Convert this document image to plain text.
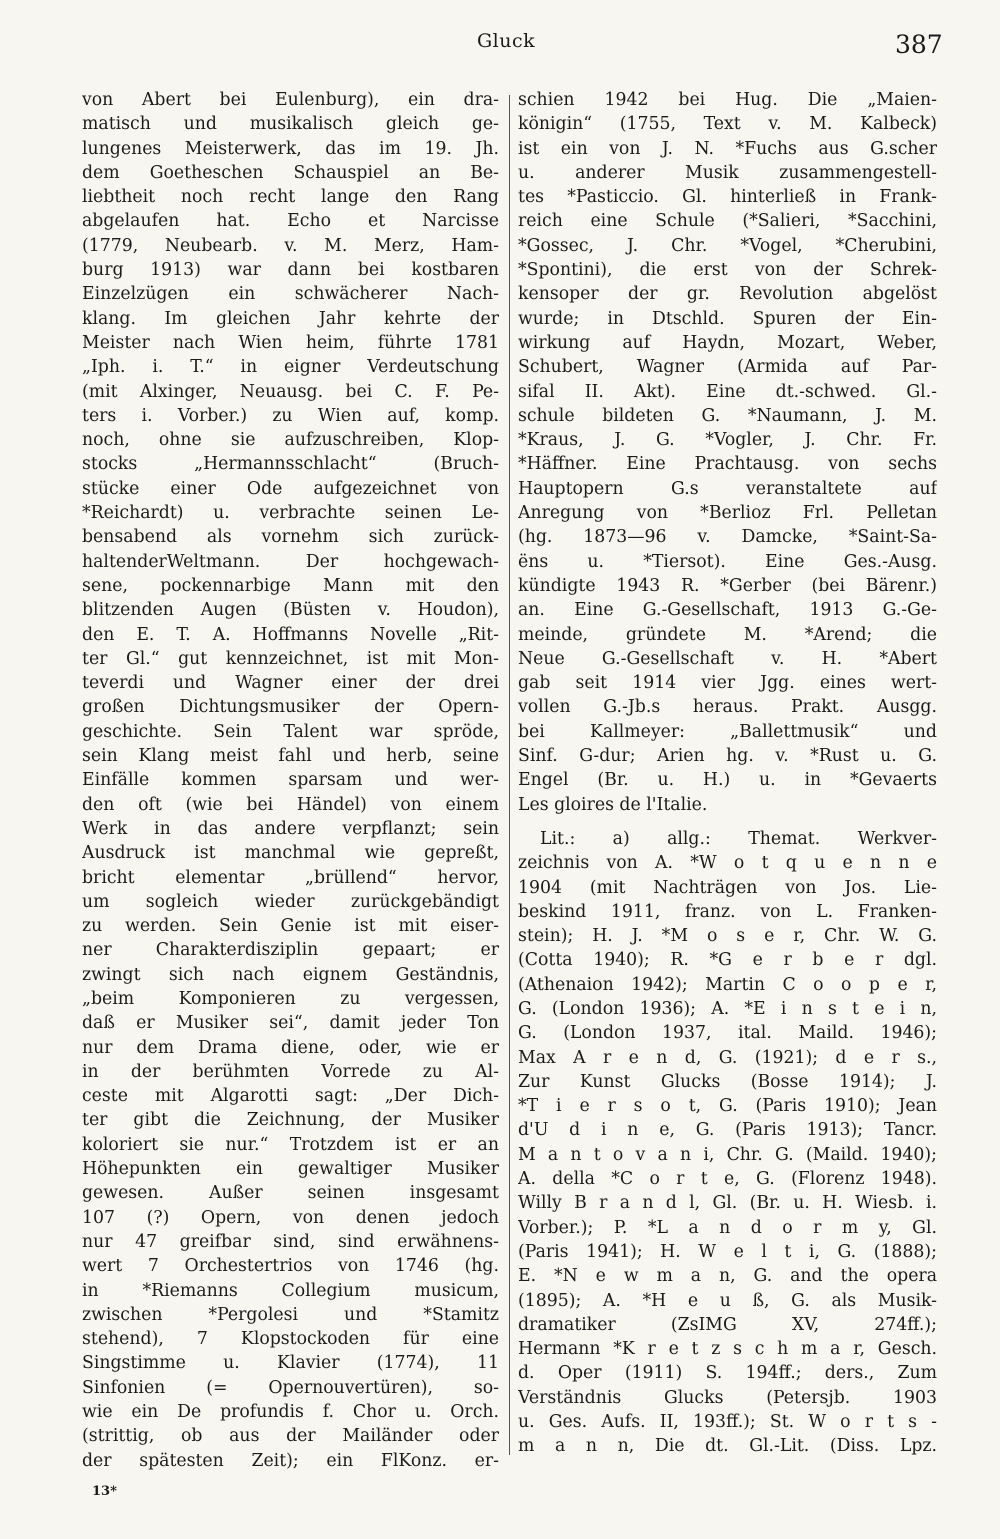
Gluck	387
von Abert bei Eulenburg), ein dra-
matisch und musikalisch gleich ge-
lungenes Meisterwerk, das im 19. Jh.
dem Goetheschen Schauspiel an Be-
liebtheit noch recht lange den Rang
abgelaufen hat. Echo et Narcisse
(1779, Neubearb. v. M. Merz, Ham-
burg 1913) war dann bei kostbaren
Einzelzügen ein schwächerer Nach-
klang. Im gleichen Jahr kehrte der
Meister nach Wien heim, führte 1781
„Iph. i. T.“ in eigner Verdeutschung
(mit Alxinger, Neuausg. bei C. F. Pe-
ters i. Vorber.) zu Wien auf, komp.
noch, ohne sie aufzuschreiben, Klop-
stocks „Hermannsschlacht“ (Bruch-
stücke einer Ode aufgezeichnet von
*Reichardt) u. verbrachte seinen Le-
bensabend als vornehm sich zurück-
haltenderWeltmann. Der hochgewach-
sene, pockennarbige Mann mit den
blitzenden Augen (Büsten v. Houdon),
den E. T. A. Hoffmanns Novelle „Rit-
ter Gl.“ gut kennzeichnet, ist mit Mon-
teverdi und Wagner einer der drei
großen Dichtungsmusiker der Opern-
geschichte. Sein Talent war spröde,
sein Klang meist fahl und herb, seine
Einfälle kommen sparsam und wer-
den oft (wie bei Händel) von einem
Werk in das andere verpflanzt; sein
Ausdruck ist manchmal wie gepreßt,
bricht elementar „brüllend“ hervor,
um sogleich wieder zurückgebändigt
zu werden. Sein Genie ist mit eiser-
ner Charakterdisziplin gepaart; er
zwingt sich nach eignem Geständnis,
„beim Komponieren zu vergessen,
daß er Musiker sei“, damit jeder Ton
nur dem Drama diene, oder, wie er
in der berühmten Vorrede zu Al-
ceste mit Algarotti sagt: „Der Dich-
ter gibt die Zeichnung, der Musiker
koloriert sie nur.“ Trotzdem ist er an
Höhepunkten ein gewaltiger Musiker
gewesen. Außer seinen insgesamt
107 (?) Opern, von denen jedoch
nur 47 greifbar sind, sind erwähnens-
wert 7 Orchestertrios von 1746 (hg.
in *Riemanns Collegium musicum,
zwischen *Pergolesi und *Stamitz
stehend), 7 Klopstockoden für eine
Singstimme u. Klavier (1774), 11
Sinfonien (= Opernouvertüren), so-
wie ein De profundis f. Chor u. Orch.
(strittig, ob aus der Mailänder oder
der spätesten Zeit); ein FlKonz. er-
schien 1942 bei Hug. Die „Maien-
königin“ (1755, Text v. M. Kalbeck)
ist ein von J. N. *Fuchs aus G.scher
u. anderer Musik zusammengestell-
tes *Pasticcio. Gl. hinterließ in Frank-
reich eine Schule (*Salieri, *Sacchini,
*Gossec, J. Chr. *Vogel, *Cherubini,
*Spontini), die erst von der Schrek-
kensoper der gr. Revolution abgelöst
wurde; in Dtschld. Spuren der Ein-
wirkung auf Haydn, Mozart, Weber,
Schubert, Wagner (Armida auf Par-
sifal II. Akt). Eine dt.-schwed. Gl.-
schule bildeten G. *Naumann, J. M.
*Kraus, J. G. *Vogler, J. Chr. Fr.
*Häffner. Eine Prachtausg. von sechs
Hauptopern G.s veranstaltete auf
Anregung von *Berlioz Frl. Pelletan
(hg. 1873—96 v. Damcke, *Saint-Sa-
ëns u. *Tiersot). Eine Ges.-Ausg.
kündigte 1943 R. *Gerber (bei Bärenr.)
an. Eine G.-Gesellschaft, 1913 G.-Ge-
meinde, gründete M. *Arend; die
Neue G.-Gesellschaft v. H. *Abert
gab seit 1914 vier Jgg. eines wert-
vollen G.-Jb.s heraus. Prakt. Ausgg.
bei Kallmeyer: „Ballettmusik“ und
Sinf. G-dur; Arien hg. v. *Rust u. G.
Engel (Br. u. H.) u. in *Gevaerts
Les gloires de l'Italie.
Lit.: a) allg.: Themat. Werkver-
zeichnis von A. *W o t q u e n n e
1904 (mit Nachträgen von Jos. Lie-
beskind 1911, franz. von L. Franken-
stein); H. J. *M o s e r, Chr. W. G.
(Cotta 1940); R. *G e r b e r dgl.
(Athenaion 1942); Martin C o o p e r,
G. (London 1936); A. *E i n s t e i n,
G. (London 1937, ital. Maild. 1946);
Max A r e n d, G. (1921); d e r s.,
Zur Kunst Glucks (Bosse 1914); J.
*T i e r s o t, G. (Paris 1910); Jean
d'U d i n e, G. (Paris 1913); Tancr.
M a n t o v a n i, Chr. G. (Maild. 1940);
A. della *C o r t e, G. (Florenz 1948).
Willy B r a n d l, Gl. (Br. u. H. Wiesb. i.
Vorber.); P. *L a n d o r m y, Gl.
(Paris 1941); H. W e l t i, G. (1888);
E. *N e w m a n, G. and the opera
(1895); A. *H e u ß, G. als Musik-
dramatiker (ZsIMG XV, 274ff.);
Hermann *K r e t z s c h m a r, Gesch.
d. Oper (1911) S. 194ff.; ders., Zum
Verständnis Glucks (Petersjb. 1903
u. Ges. Aufs. II, 193ff.); St. W o r t s -
m a n n, Die dt. Gl.-Lit. (Diss. Lpz.
13*
